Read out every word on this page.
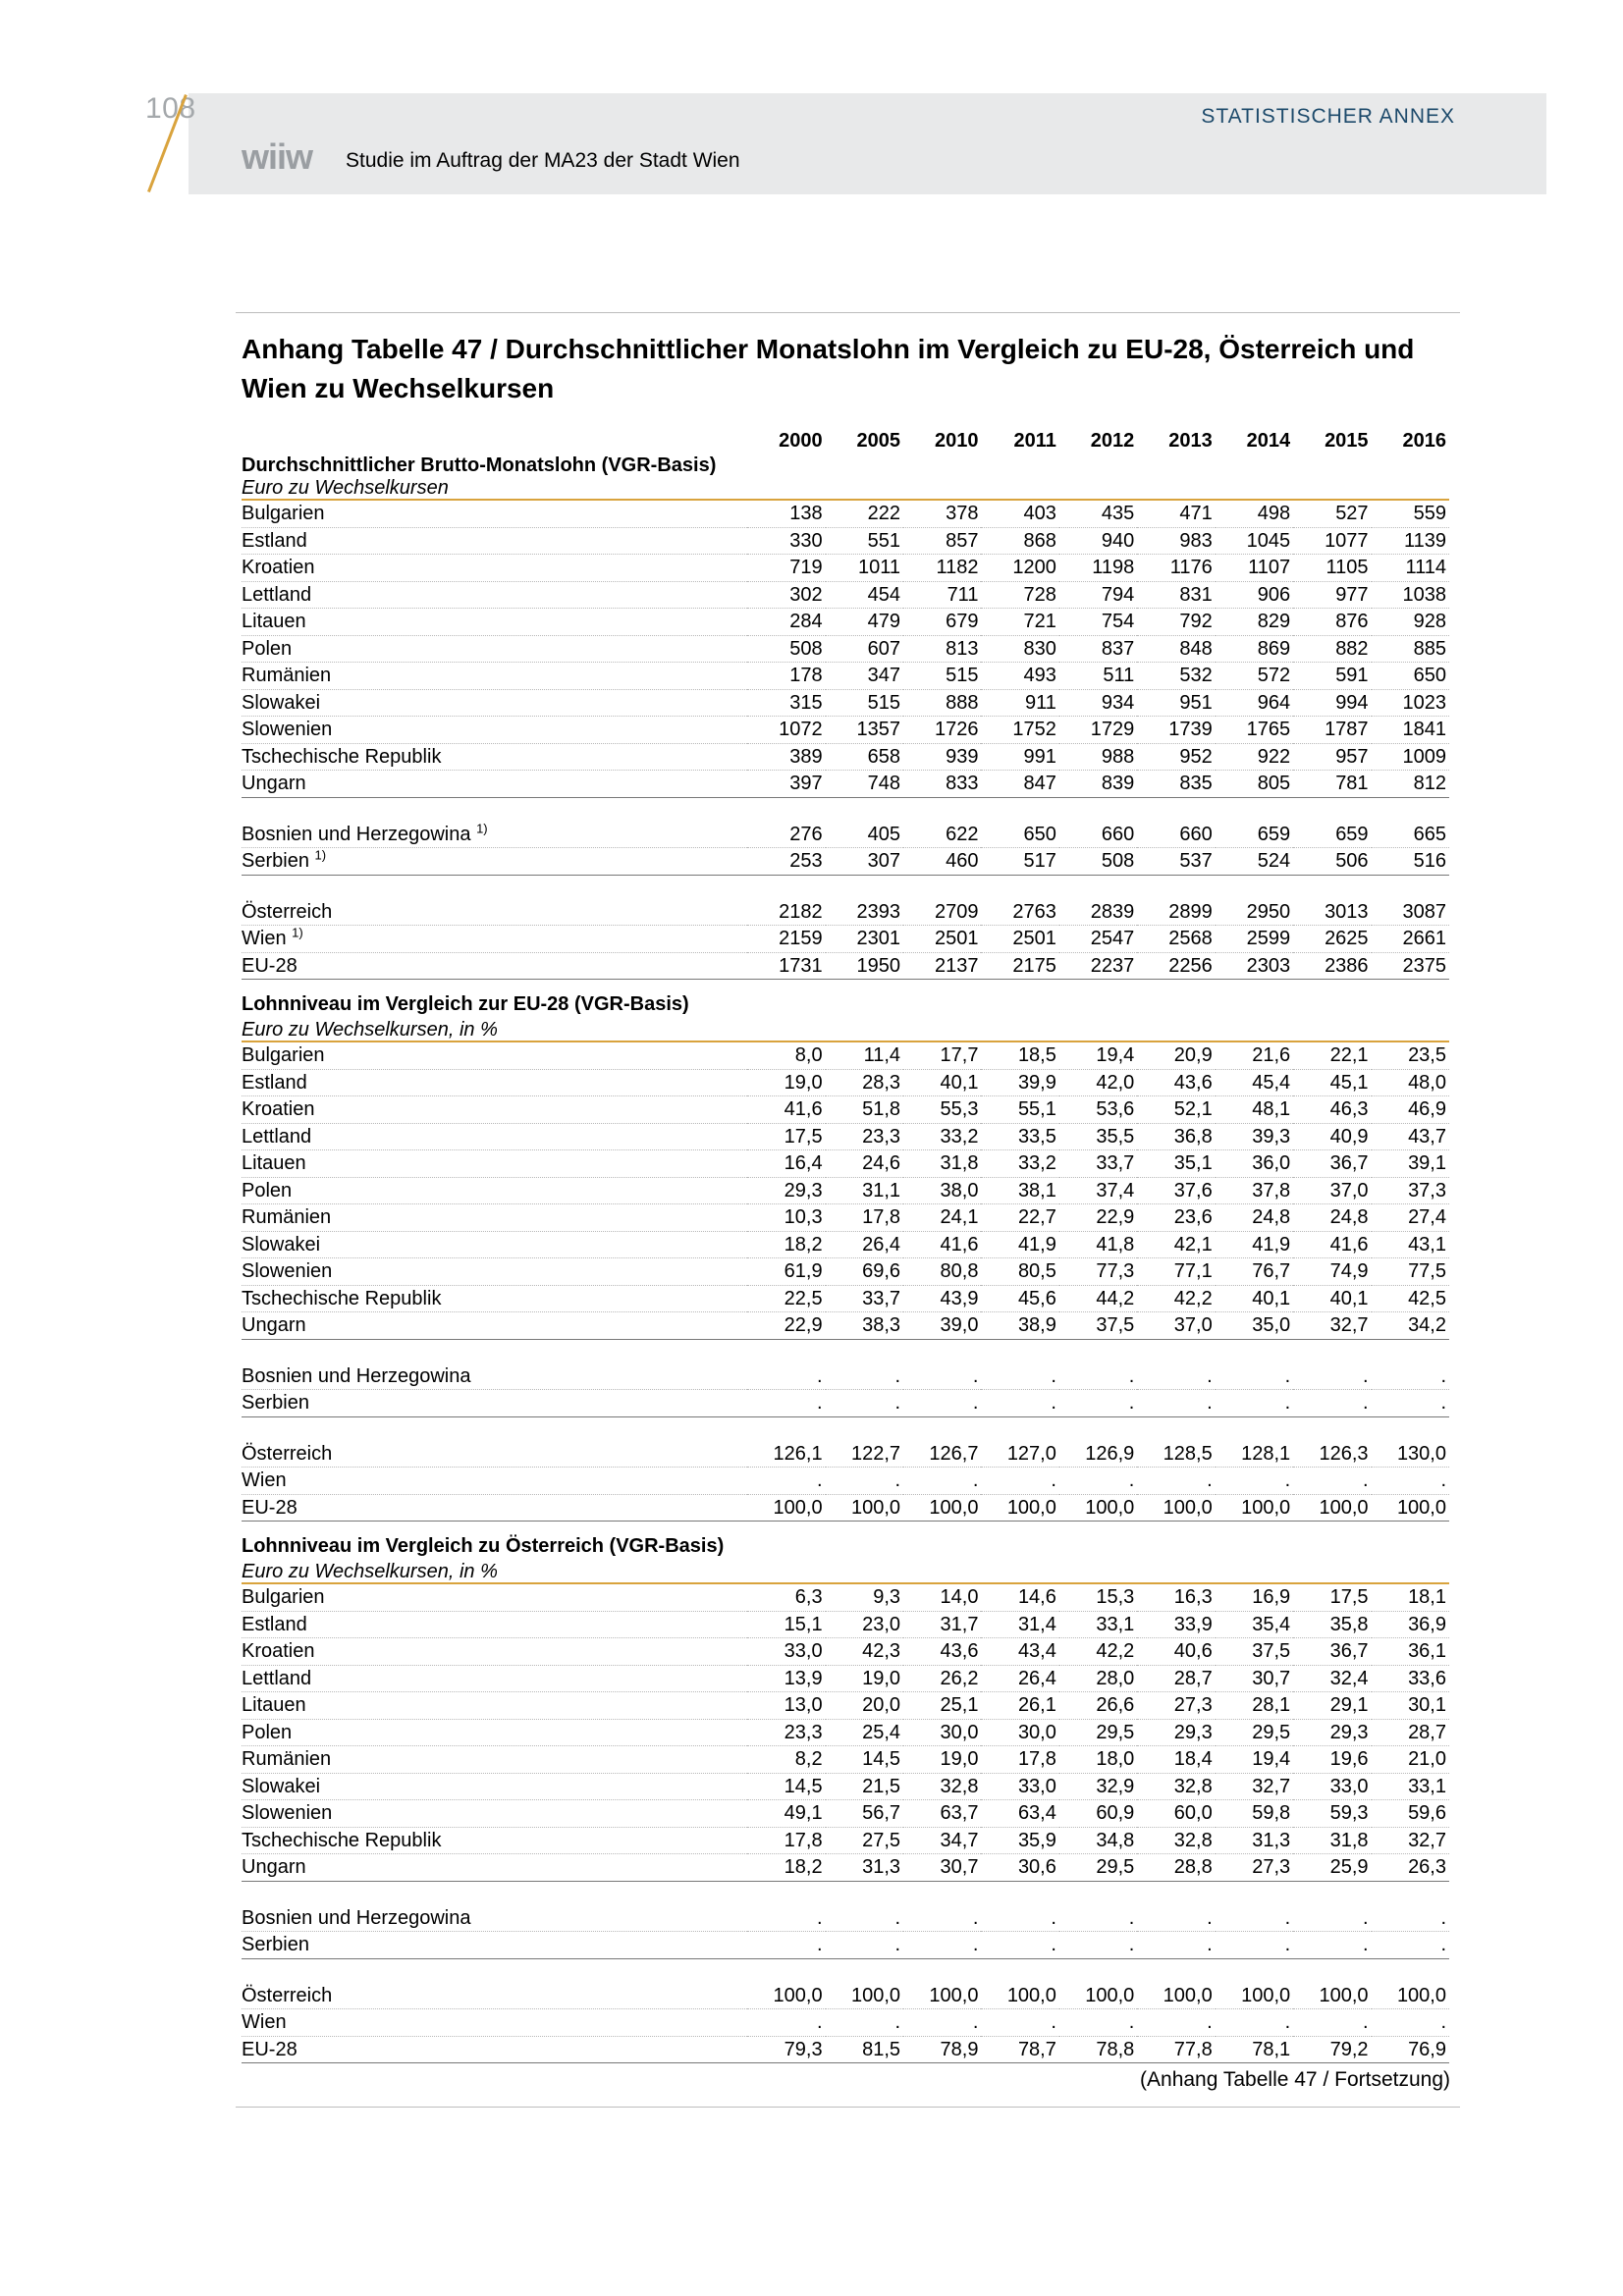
108
wiiw Studie im Auftrag der MA23 der Stadt Wien
STATISTISCHER ANNEX
Anhang Tabelle 47 / Durchschnittlicher Monatslohn im Vergleich zu EU-28, Österreich und Wien zu Wechselkursen
	2000	2005	2010	2011	2012	2013	2014	2015	2016
Durchschnittlicher Brutto-Monatslohn (VGR-Basis)									
Euro zu Wechselkursen									
Bulgarien	138	222	378	403	435	471	498	527	559
Estland	330	551	857	868	940	983	1045	1077	1139
Kroatien	719	1011	1182	1200	1198	1176	1107	1105	1114
Lettland	302	454	711	728	794	831	906	977	1038
Litauen	284	479	679	721	754	792	829	876	928
Polen	508	607	813	830	837	848	869	882	885
Rumänien	178	347	515	493	511	532	572	591	650
Slowakei	315	515	888	911	934	951	964	994	1023
Slowenien	1072	1357	1726	1752	1729	1739	1765	1787	1841
Tschechische Republik	389	658	939	991	988	952	922	957	1009
Ungarn	397	748	833	847	839	835	805	781	812

Bosnien und Herzegowina $^{1)}$	276	405	622	650	660	660	659	659	665
Serbien $^{1)}$	253	307	460	517	508	537	524	506	516

Österreich	2182	2393	2709	2763	2839	2899	2950	3013	3087
Wien $^{1)}$	2159	2301	2501	2501	2547	2568	2599	2625	2661
EU-28	1731	1950	2137	2175	2237	2256	2303	2386	2375
Lohnniveau im Vergleich zur EU-28 (VGR-Basis)									
Euro zu Wechselkursen, in %									
Bulgarien	8,0	11,4	17,7	18,5	19,4	20,9	21,6	22,1	23,5
Estland	19,0	28,3	40,1	39,9	42,0	43,6	45,4	45,1	48,0
Kroatien	41,6	51,8	55,3	55,1	53,6	52,1	48,1	46,3	46,9
Lettland	17,5	23,3	33,2	33,5	35,5	36,8	39,3	40,9	43,7
Litauen	16,4	24,6	31,8	33,2	33,7	35,1	36,0	36,7	39,1
Polen	29,3	31,1	38,0	38,1	37,4	37,6	37,8	37,0	37,3
Rumänien	10,3	17,8	24,1	22,7	22,9	23,6	24,8	24,8	27,4
Slowakei	18,2	26,4	41,6	41,9	41,8	42,1	41,9	41,6	43,1
Slowenien	61,9	69,6	80,8	80,5	77,3	77,1	76,7	74,9	77,5
Tschechische Republik	22,5	33,7	43,9	45,6	44,2	42,2	40,1	40,1	42,5
Ungarn	22,9	38,3	39,0	38,9	37,5	37,0	35,0	32,7	34,2

Bosnien und Herzegowina	.	.	.	.	.	.	.	.	.
Serbien	.	.	.	.	.	.	.	.	.

Österreich	126,1	122,7	126,7	127,0	126,9	128,5	128,1	126,3	130,0
Wien	.	.	.	.	.	.	.	.	.
EU-28	100,0	100,0	100,0	100,0	100,0	100,0	100,0	100,0	100,0
Lohnniveau im Vergleich zu Österreich (VGR-Basis)									
Euro zu Wechselkursen, in %									
Bulgarien	6,3	9,3	14,0	14,6	15,3	16,3	16,9	17,5	18,1
Estland	15,1	23,0	31,7	31,4	33,1	33,9	35,4	35,8	36,9
Kroatien	33,0	42,3	43,6	43,4	42,2	40,6	37,5	36,7	36,1
Lettland	13,9	19,0	26,2	26,4	28,0	28,7	30,7	32,4	33,6
Litauen	13,0	20,0	25,1	26,1	26,6	27,3	28,1	29,1	30,1
Polen	23,3	25,4	30,0	30,0	29,5	29,3	29,5	29,3	28,7
Rumänien	8,2	14,5	19,0	17,8	18,0	18,4	19,4	19,6	21,0
Slowakei	14,5	21,5	32,8	33,0	32,9	32,8	32,7	33,0	33,1
Slowenien	49,1	56,7	63,7	63,4	60,9	60,0	59,8	59,3	59,6
Tschechische Republik	17,8	27,5	34,7	35,9	34,8	32,8	31,3	31,8	32,7
Ungarn	18,2	31,3	30,7	30,6	29,5	28,8	27,3	25,9	26,3

Bosnien und Herzegowina	.	.	.	.	.	.	.	.	.
Serbien	.	.	.	.	.	.	.	.	.

Österreich	100,0	100,0	100,0	100,0	100,0	100,0	100,0	100,0	100,0
Wien	.	.	.	.	.	.	.	.	.
EU-28	79,3	81,5	78,9	78,7	78,8	77,8	78,1	79,2	76,9
(Anhang Tabelle 47 / Fortsetzung)
